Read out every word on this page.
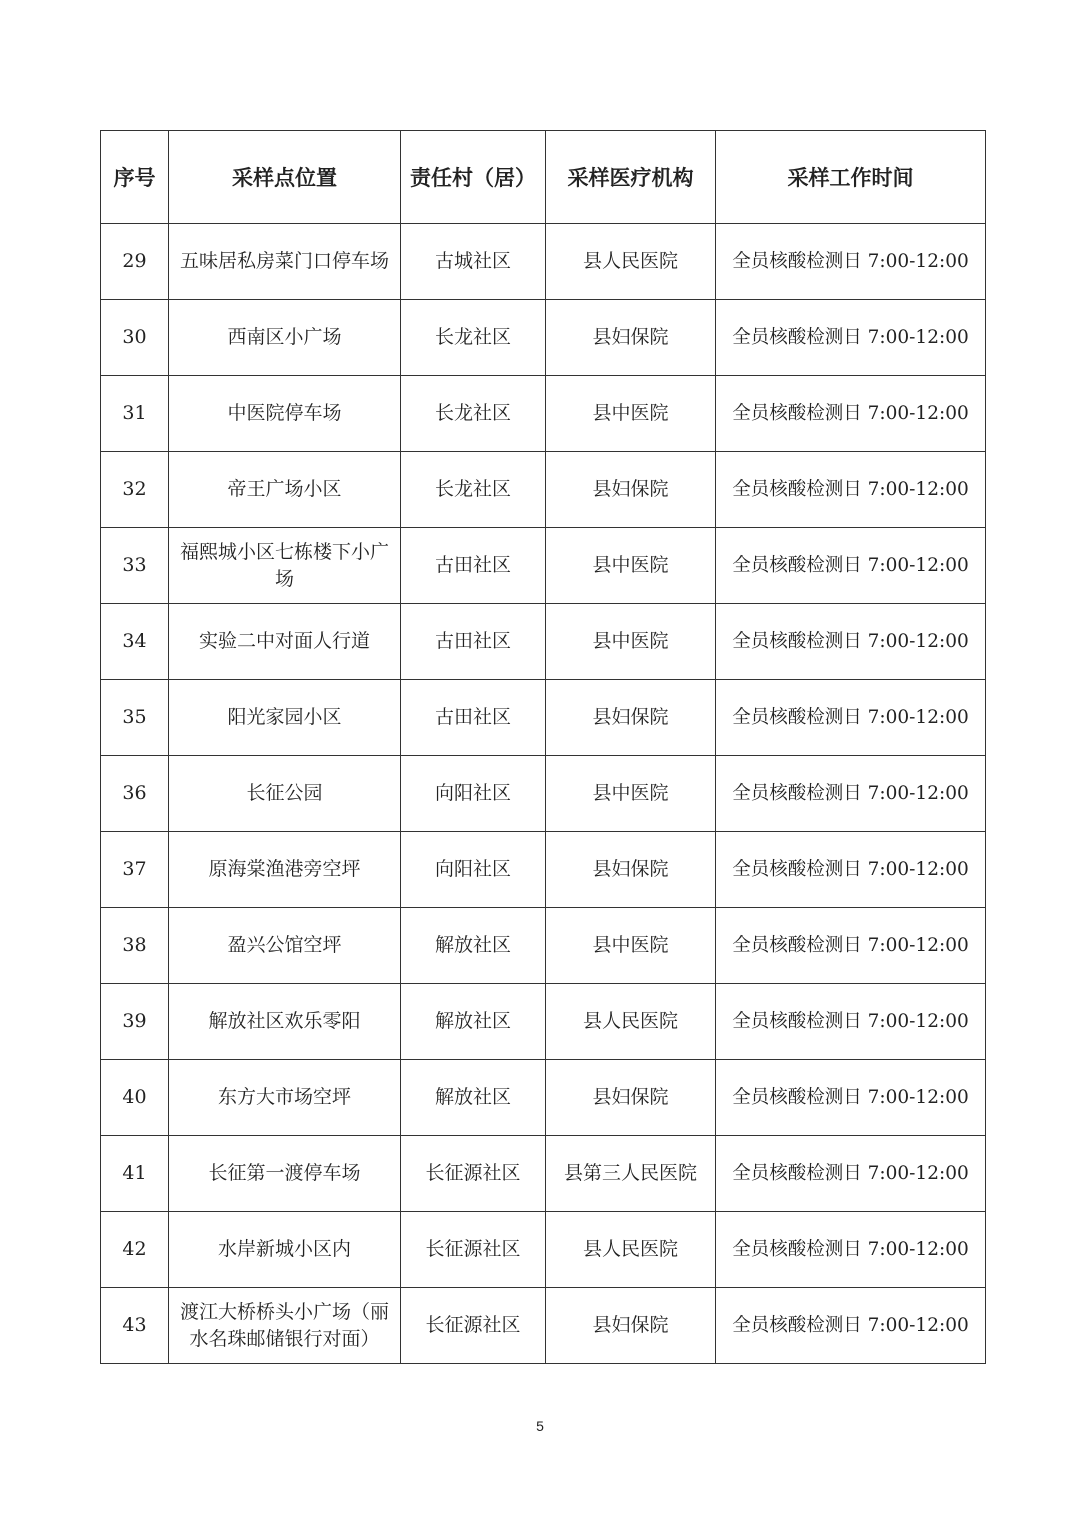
序号	采样点位置	责任村（居）	采样医疗机构	采样工作时间
29	五味居私房菜门口停车场	古城社区	县人民医院	全员核酸检测日 7:00-12:00
30	西南区小广场	长龙社区	县妇保院	全员核酸检测日 7:00-12:00
31	中医院停车场	长龙社区	县中医院	全员核酸检测日 7:00-12:00
32	帝王广场小区	长龙社区	县妇保院	全员核酸检测日 7:00-12:00
33	福熙城小区七栋楼下小广场	古田社区	县中医院	全员核酸检测日 7:00-12:00
34	实验二中对面人行道	古田社区	县中医院	全员核酸检测日 7:00-12:00
35	阳光家园小区	古田社区	县妇保院	全员核酸检测日 7:00-12:00
36	长征公园	向阳社区	县中医院	全员核酸检测日 7:00-12:00
37	原海棠渔港旁空坪	向阳社区	县妇保院	全员核酸检测日 7:00-12:00
38	盈兴公馆空坪	解放社区	县中医院	全员核酸检测日 7:00-12:00
39	解放社区欢乐零阳	解放社区	县人民医院	全员核酸检测日 7:00-12:00
40	东方大市场空坪	解放社区	县妇保院	全员核酸检测日 7:00-12:00
41	长征第一渡停车场	长征源社区	县第三人民医院	全员核酸检测日 7:00-12:00
42	水岸新城小区内	长征源社区	县人民医院	全员核酸检测日 7:00-12:00
43	渡江大桥桥头小广场（丽水名珠邮储银行对面）	长征源社区	县妇保院	全员核酸检测日 7:00-12:00
5
